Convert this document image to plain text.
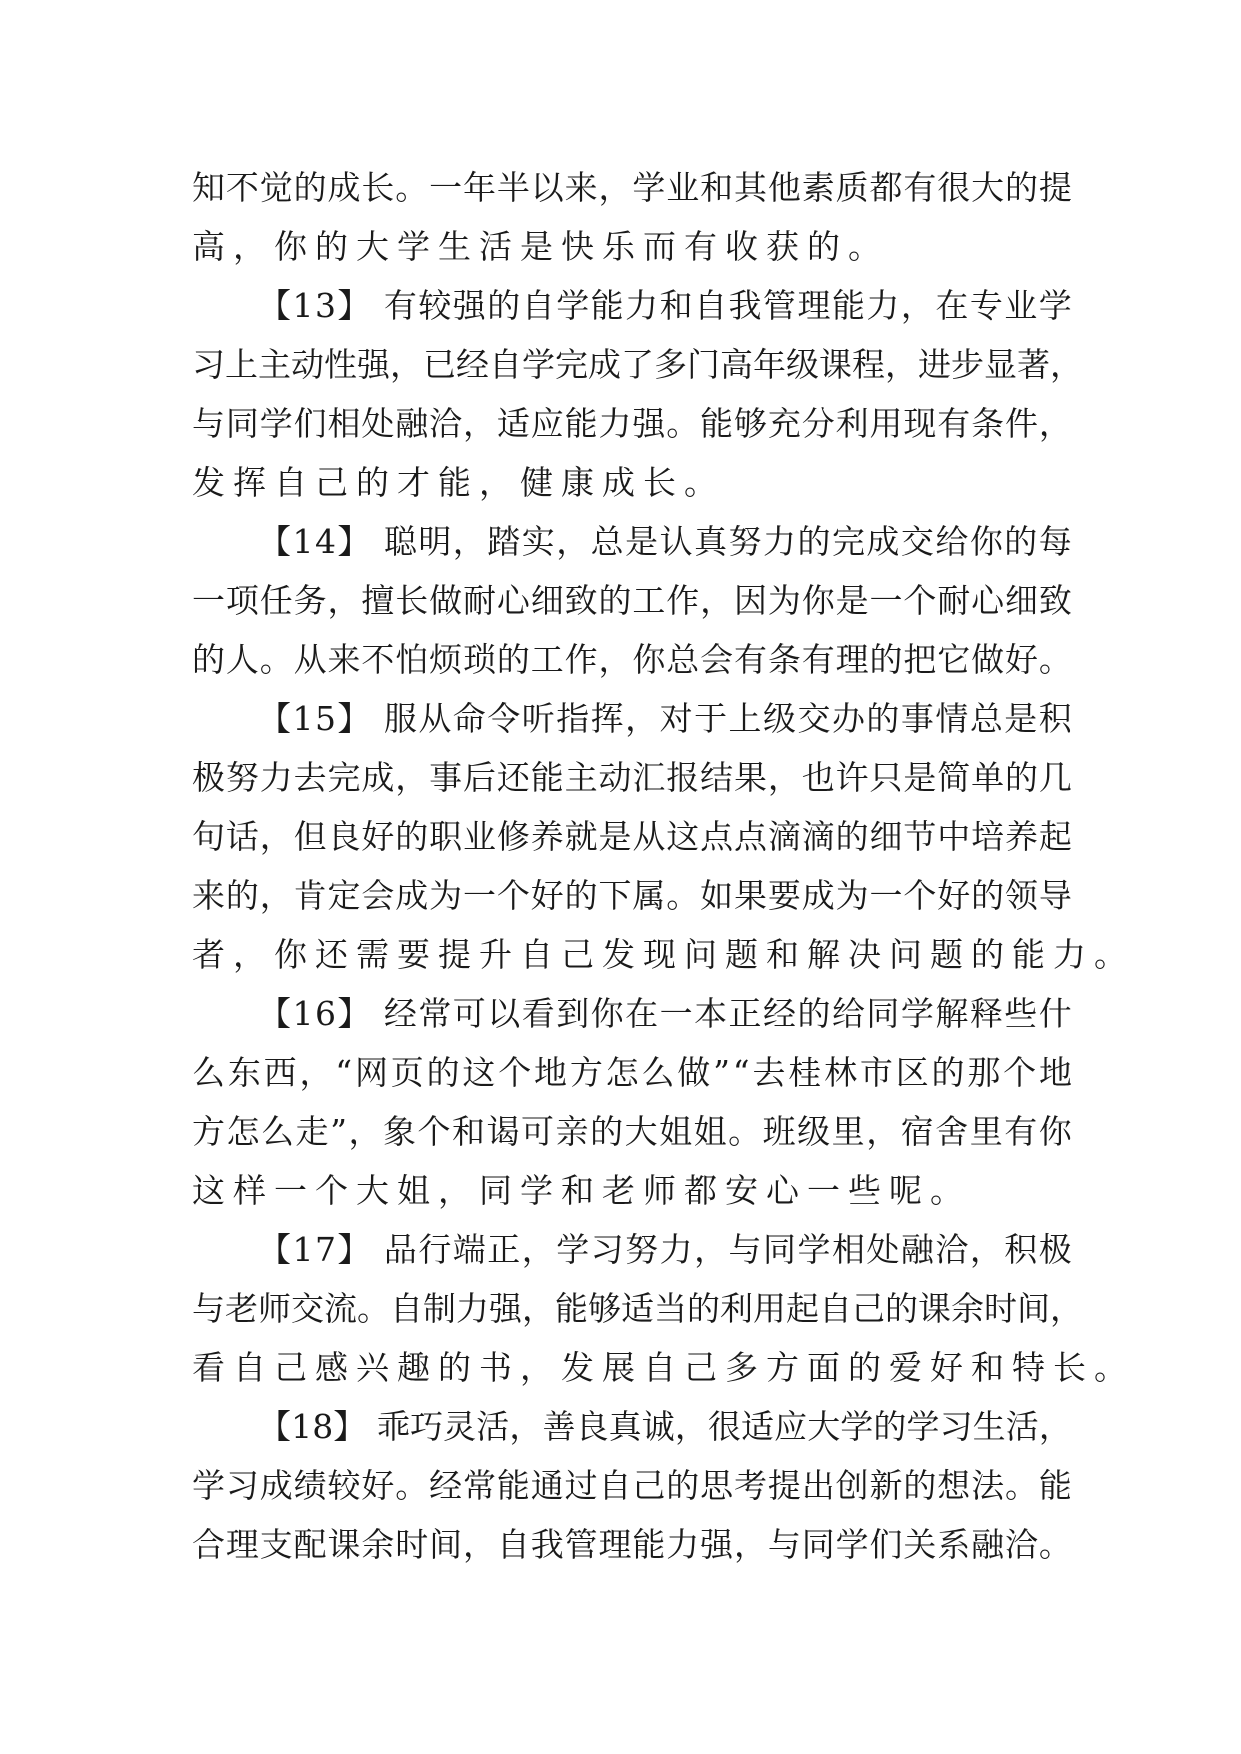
知 不 觉 的 成 长 。 一 年 半 以 来 ， 学 业 和 其 他 素 质 都 有 很 大 的 提
高，你的大学生活是快乐而有收获的。
【 1 3 】
有 较 强 的 自 学 能 力 和 自 我 管 理 能 力 ， 在 专 业 学
习 上 主 动 性 强 ， 已 经 自 学 完 成 了 多 门 高 年 级 课 程 ， 进 步 显 著 ，
与 同 学 们 相 处 融 洽 ， 适 应 能 力 强 。 能 够 充 分 利 用 现 有 条 件 ，
发挥自己的才能，健康成长。
【 1 4 】
聪 明 ， 踏 实 ， 总 是 认 真 努 力 的 完 成 交 给 你 的 每
一 项 任 务 ， 擅 长 做 耐 心 细 致 的 工 作 ， 因 为 你 是 一 个 耐 心 细 致
的 人 。 从 来 不 怕 烦 琐 的 工 作 ， 你 总 会 有 条 有 理 的 把 它 做 好 。
【 1 5 】
服 从 命 令 听 指 挥 ， 对 于 上 级 交 办 的 事 情 总 是 积
极 努 力 去 完 成 ， 事 后 还 能 主 动 汇 报 结 果 ， 也 许 只 是 简 单 的 几
句 话 ， 但 良 好 的 职 业 修 养 就 是 从 这 点 点 滴 滴 的 细 节 中 培 养 起
来 的 ， 肯 定 会 成 为 一 个 好 的 下 属 。 如 果 要 成 为 一 个 好 的 领 导
者，你还需要提升自己发现问题和解决问题的能力。
【 1 6 】
经 常 可 以 看 到 你 在 一 本 正 经 的 给 同 学 解 释 些 什
么 东 西 ， “ 网 页 的 这 个 地 方 怎 么 做 ” “ 去 桂 林 市 区 的 那 个 地
方 怎 么 走 ” ， 象 个 和 谒 可 亲 的 大 姐 姐 。 班 级 里 ， 宿 舍 里 有 你
这样一个大姐，同学和老师都安心一些呢。
【 1 7 】
品 行 端 正 ， 学 习 努 力 ， 与 同 学 相 处 融 洽 ， 积 极
与 老 师 交 流 。 自 制 力 强 ， 能 够 适 当 的 利 用 起 自 己 的 课 余 时 间 ，
看自己感兴趣的书，发展自己多方面的爱好和特长。
【 1 8 】
乖 巧 灵 活 ， 善 良 真 诚 ， 很 适 应 大 学 的 学 习 生 活 ，
学 习 成 绩 较 好 。 经 常 能 通 过 自 己 的 思 考 提 出 创 新 的 想 法 。 能
合 理 支 配 课 余 时 间 ， 自 我 管 理 能 力 强 ， 与 同 学 们 关 系 融 洽 。
